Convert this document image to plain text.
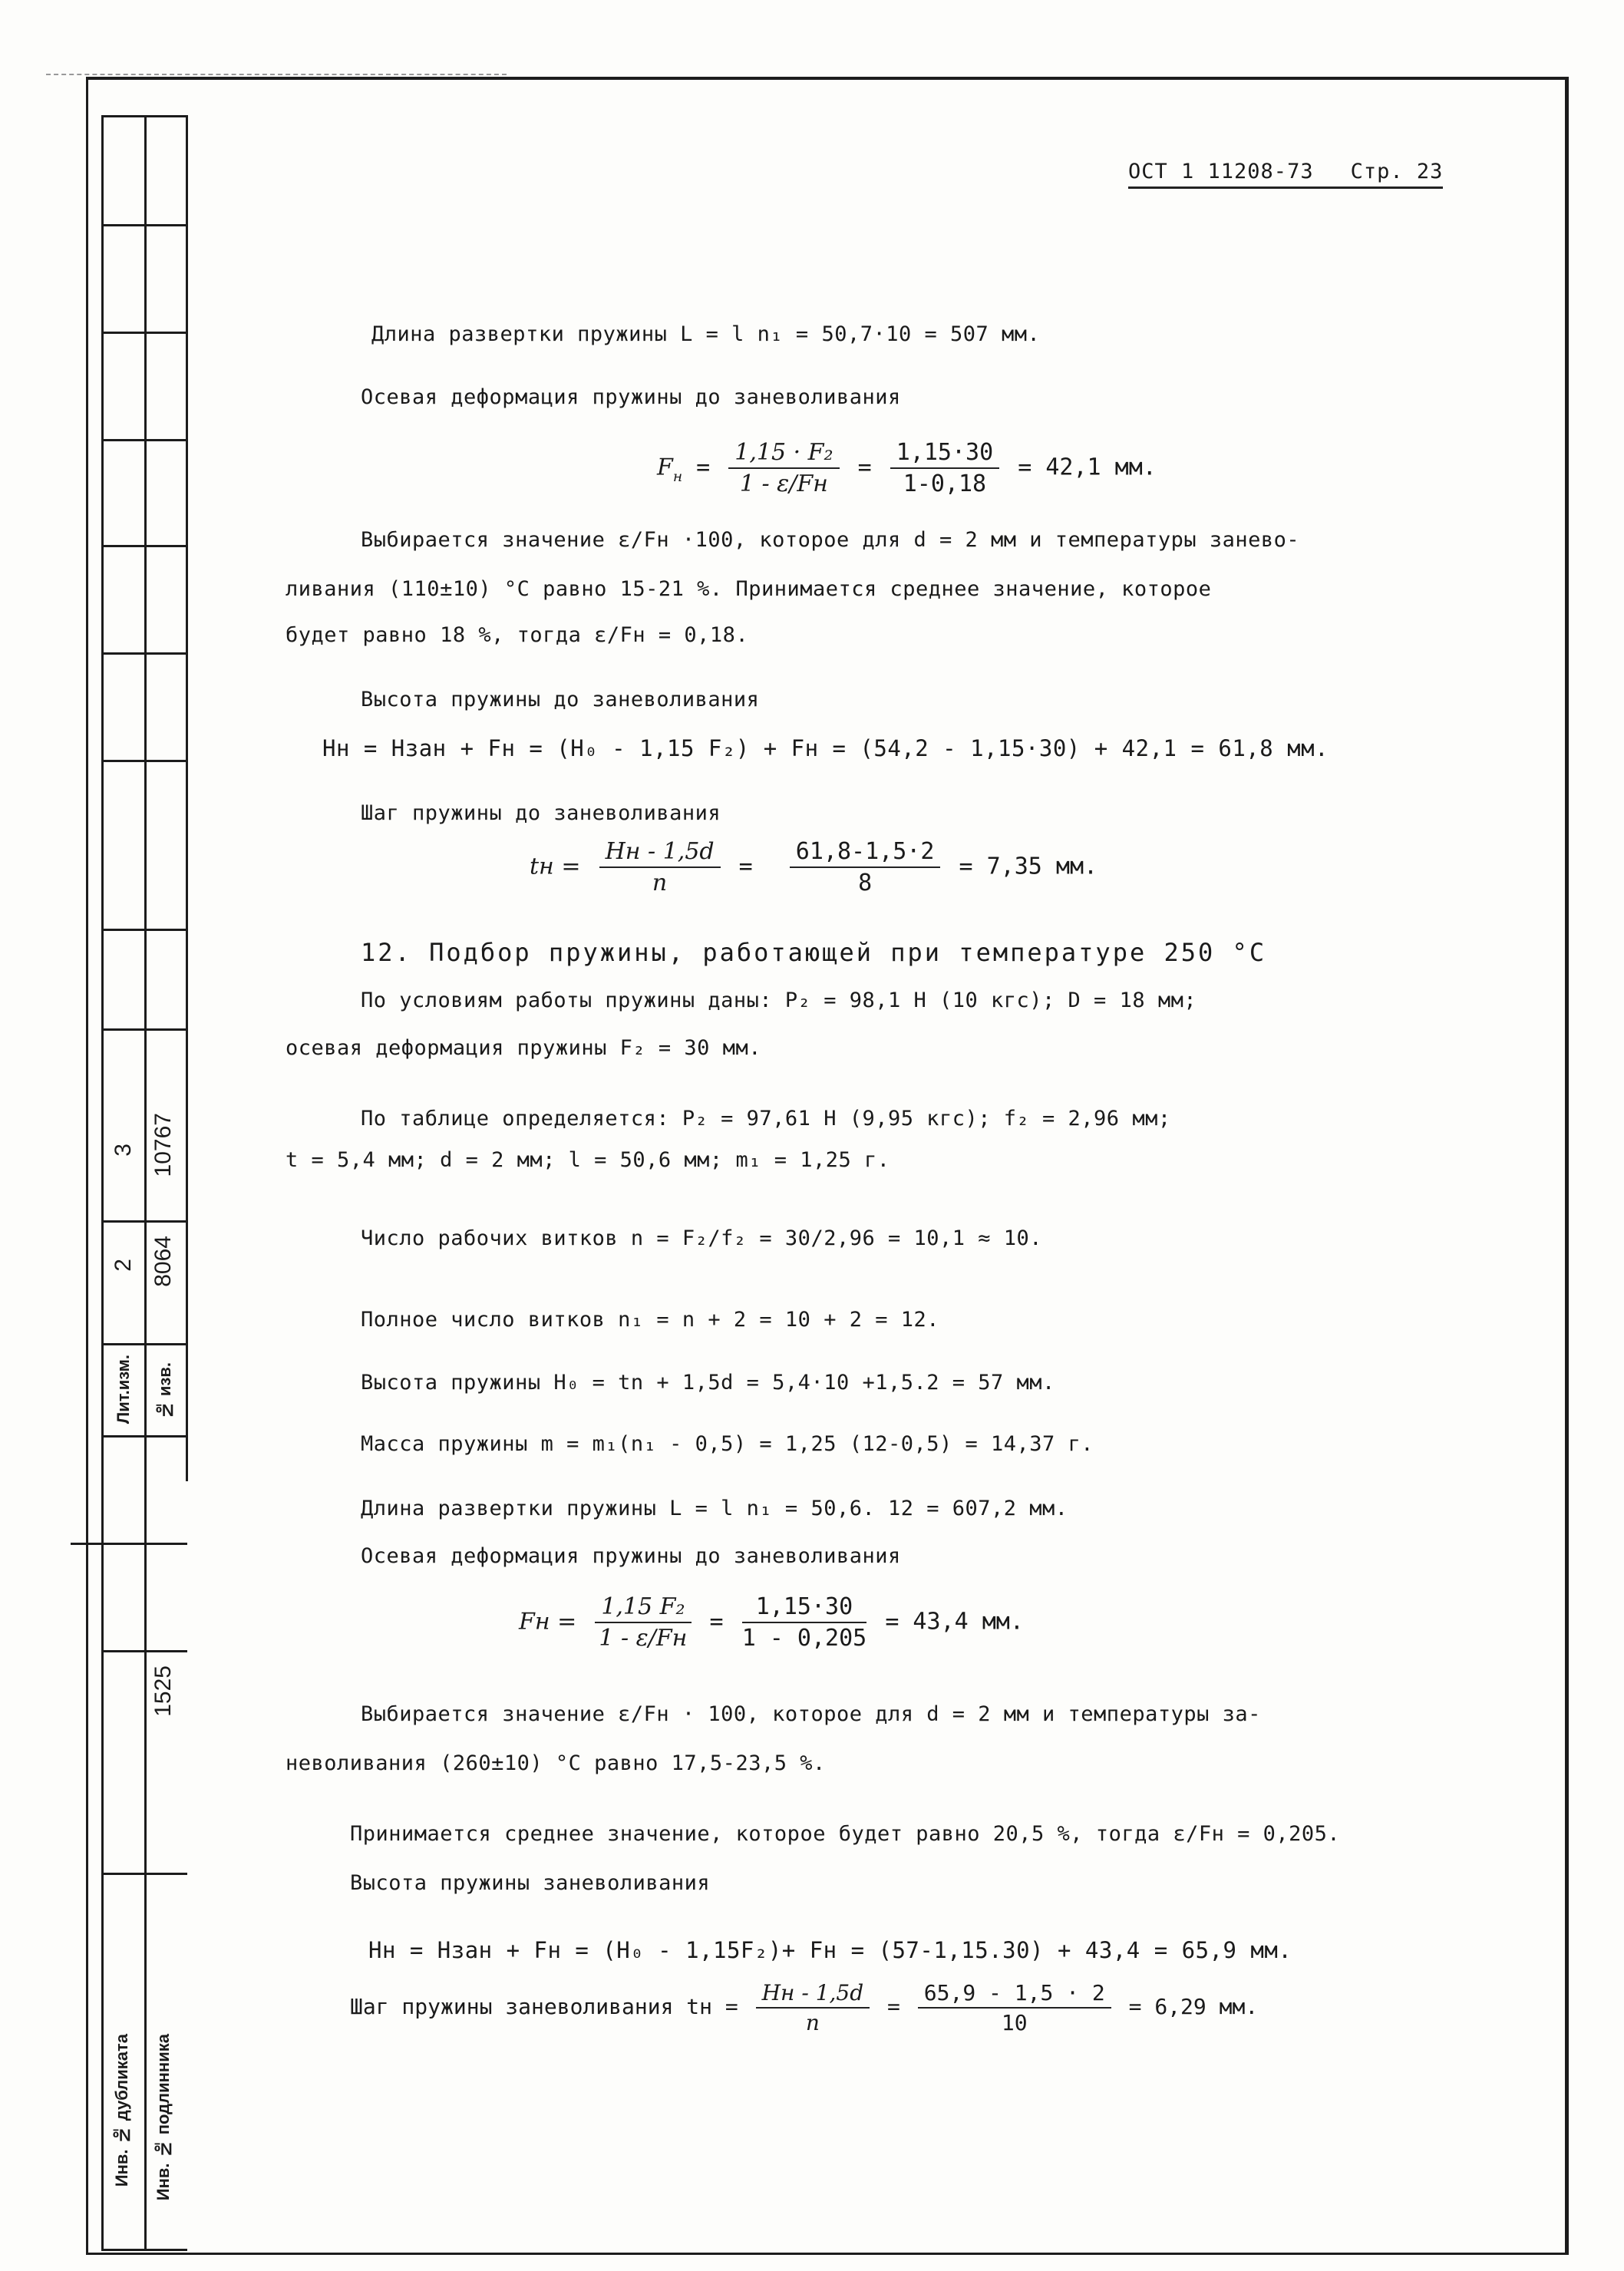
3 10767
2 8064
Лит.изм. № изв.
1525
Инв. № дубликата Инв. № подлинника
ОСТ 1 11208-73 Стр. 23
Длина развертки пружины L = l n₁ = 50,7·10 = 507 мм.
Осевая деформация пружины до заневоливания
$F_н = \frac{\text{1,15 · F₂}}{1 - \varepsilon/Fн} = \frac{1,15\cdot 30}{1-0,18} = 42,1$ мм.
Выбирается значение ε/Fн ·100, которое для d = 2 мм и температуры занево-
ливания (110±10) °С равно 15-21 %. Принимается среднее значение, которое
будет равно 18 %, тогда ε/Fн = 0,18.
Высота пружины до заневоливания
Hн = Hзан + Fн = (H₀ - 1,15 F₂) + Fн = (54,2 - 1,15·30) + 42,1 = 61,8 мм.
Шаг пружины до заневоливания
tн = $\frac{Hн - 1,5d}{n} = \frac{61,8-1,5\cdot 2}{8} = 7,35$ мм.
12. Подбор пружины, работающей при температуре 250 °С
По условиям работы пружины даны: P₂ = 98,1 Н (10 кгс); D = 18 мм;
осевая деформация пружины F₂ = 30 мм.
По таблице определяется: P₂ = 97,61 Н (9,95 кгс); f₂ = 2,96 мм;
t = 5,4 мм; d = 2 мм; l = 50,6 мм; m₁ = 1,25 г.
Число рабочих витков n = F₂/f₂ = 30/2,96 = 10,1 ≈ 10.
Полное число витков n₁ = n + 2 = 10 + 2 = 12.
Высота пружины H₀ = tn + 1,5d = 5,4·10 +1,5.2 = 57 мм.
Масса пружины m = m₁(n₁ - 0,5) = 1,25 (12-0,5) = 14,37 г.
Длина развертки пружины L = l n₁ = 50,6. 12 = 607,2 мм.
Осевая деформация пружины до заневоливания
Fн = $\frac{\text{1,15 F₂}}{1 - \varepsilon/Fн} = \frac{1,15\cdot 30}{1 - 0,205} = 43,4$ мм.
Выбирается значение ε/Fн · 100, которое для d = 2 мм и температуры за-
неволивания (260±10) °С равно 17,5-23,5 %.
Принимается среднее значение, которое будет равно 20,5 %, тогда ε/Fн = 0,205.
Высота пружины заневоливания
Hн = Hзан + Fн = (H₀ - 1,15F₂)+ Fн = (57-1,15.30) + 43,4 = 65,9 мм.
Шаг пружины заневоливания tн = $\frac{Hн - 1,5d}{n} = \frac{65,9 - 1,5 \cdot 2}{10} = 6,29$ мм.
